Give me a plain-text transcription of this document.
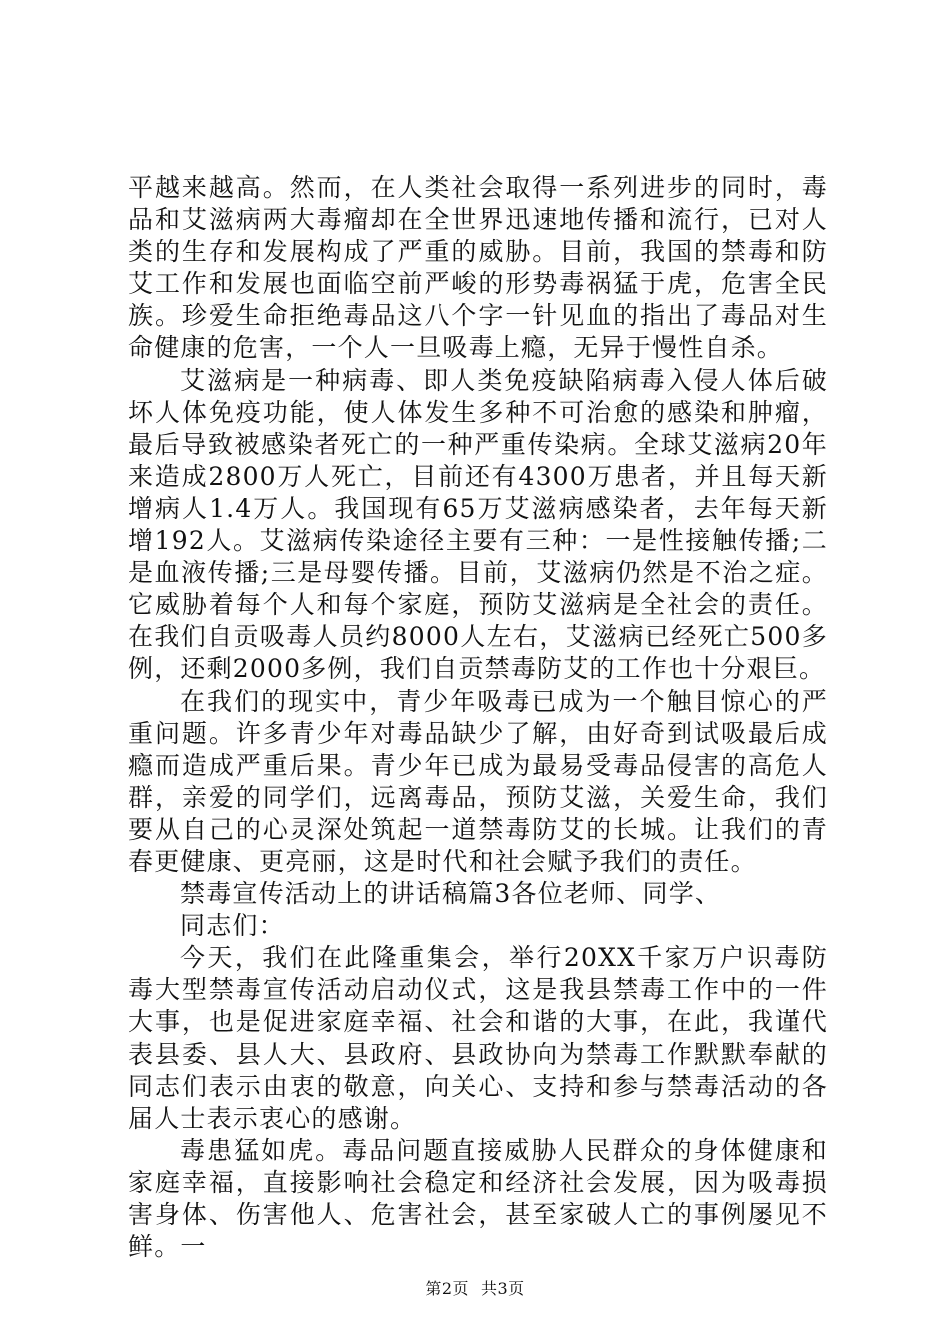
平越来越高。然而，在人类社会取得一系列进步的同时，毒品和艾滋病两大毒瘤却在全世界迅速地传播和流行，已对人类的生存和发展构成了严重的威胁。目前，我国的禁毒和防艾工作和发展也面临空前严峻的形势毒祸猛于虎，危害全民族。珍爱生命拒绝毒品这八个字一针见血的指出了毒品对生命健康的危害，一个人一旦吸毒上瘾，无异于慢性自杀。

艾滋病是一种病毒、即人类免疫缺陷病毒入侵人体后破坏人体免疫功能，使人体发生多种不可治愈的感染和肿瘤，最后导致被感染者死亡的一种严重传染病。全球艾滋病20年来造成2800万人死亡，目前还有4300万患者，并且每天新增病人1.4万人。我国现有65万艾滋病感染者，去年每天新增192人。艾滋病传染途径主要有三种：一是性接触传播;二是血液传播;三是母婴传播。目前，艾滋病仍然是不治之症。它威胁着每个人和每个家庭，预防艾滋病是全社会的责任。在我们自贡吸毒人员约8000人左右，艾滋病已经死亡500多例，还剩2000多例，我们自贡禁毒防艾的工作也十分艰巨。

在我们的现实中，青少年吸毒已成为一个触目惊心的严重问题。许多青少年对毒品缺少了解，由好奇到试吸最后成瘾而造成严重后果。青少年已成为最易受毒品侵害的高危人群，亲爱的同学们，远离毒品，预防艾滋，关爱生命，我们要从自己的心灵深处筑起一道禁毒防艾的长城。让我们的青春更健康、更亮丽，这是时代和社会赋予我们的责任。

禁毒宣传活动上的讲话稿篇3各位老师、同学、

同志们：

今天，我们在此隆重集会，举行20XX千家万户识毒防毒大型禁毒宣传活动启动仪式，这是我县禁毒工作中的一件大事，也是促进家庭幸福、社会和谐的大事，在此，我谨代表县委、县人大、县政府、县政协向为禁毒工作默默奉献的同志们表示由衷的敬意，向关心、支持和参与禁毒活动的各届人士表示衷心的感谢。

毒患猛如虎。毒品问题直接威胁人民群众的身体健康和家庭幸福，直接影响社会稳定和经济社会发展，因为吸毒损害身体、伤害他人、危害社会，甚至家破人亡的事例屡见不鲜。一

第2页 共3页
